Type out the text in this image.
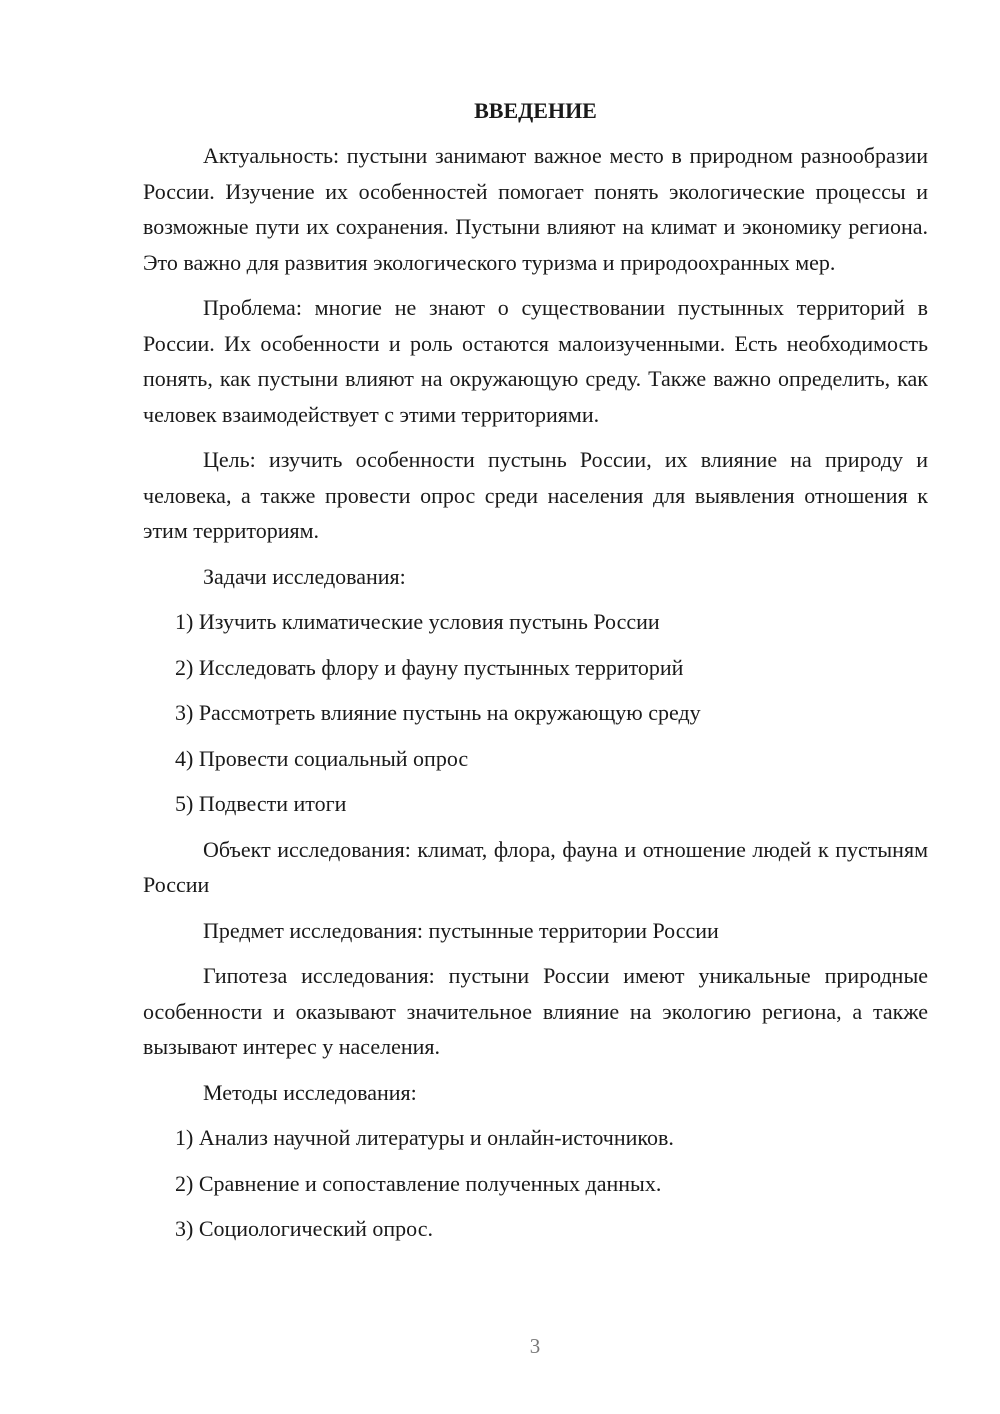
ВВЕДЕНИЕ

Актуальность: пустыни занимают важное место в природном разнообразии России. Изучение их особенностей помогает понять экологические процессы и возможные пути их сохранения. Пустыни влияют на климат и экономику региона. Это важно для развития экологического туризма и природоохранных мер.

Проблема: многие не знают о существовании пустынных территорий в России. Их особенности и роль остаются малоизученными. Есть необходимость понять, как пустыни влияют на окружающую среду. Также важно определить, как человек взаимодействует с этими территориями.

Цель: изучить особенности пустынь России, их влияние на природу и человека, а также провести опрос среди населения для выявления отношения к этим территориям.

Задачи исследования:

1) Изучить климатические условия пустынь России

2) Исследовать флору и фауну пустынных территорий

3) Рассмотреть влияние пустынь на окружающую среду

4) Провести социальный опрос

5) Подвести итоги

Объект исследования: климат, флора, фауна и отношение людей к пустыням России

Предмет исследования: пустынные территории России

Гипотеза исследования: пустыни России имеют уникальные природные особенности и оказывают значительное влияние на экологию региона, а также вызывают интерес у населения.

Методы исследования:

1) Анализ научной литературы и онлайн-источников.

2) Сравнение и сопоставление полученных данных.

3) Социологический опрос.

3
